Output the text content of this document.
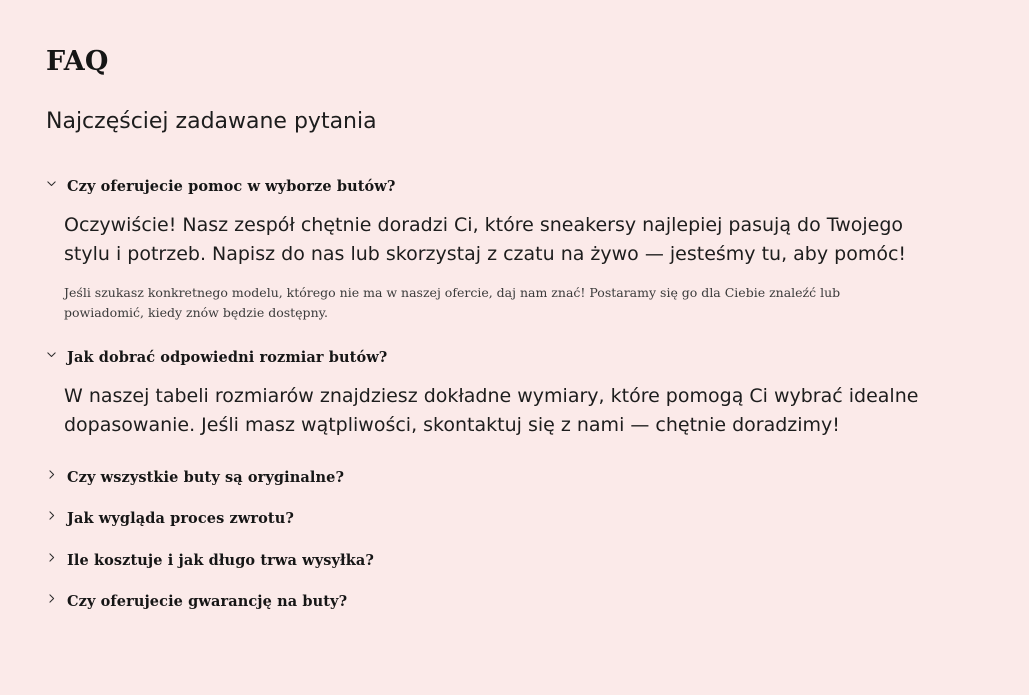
FAQ
Najczęściej zadawane pytania
Czy oferujecie pomoc w wyborze butów?

Oczywiście! Nasz zespół chętnie doradzi Ci, które sneakersy najlepiej pasują do Twojego stylu i potrzeb. Napisz do nas lub skorzystaj z czatu na żywo — jesteśmy tu, aby pomóc!

Jeśli szukasz konkretnego modelu, którego nie ma w naszej ofercie, daj nam znać! Postaramy się go dla Ciebie znaleźć lub powiadomić, kiedy znów będzie dostępny.

Jak dobrać odpowiedni rozmiar butów?

W naszej tabeli rozmiarów znajdziesz dokładne wymiary, które pomogą Ci wybrać idealne dopasowanie. Jeśli masz wątpliwości, skontaktuj się z nami — chętnie doradzimy!

Czy wszystkie buty są oryginalne?
Jak wygląda proces zwrotu?
Ile kosztuje i jak długo trwa wysyłka?
Czy oferujecie gwarancję na buty?
